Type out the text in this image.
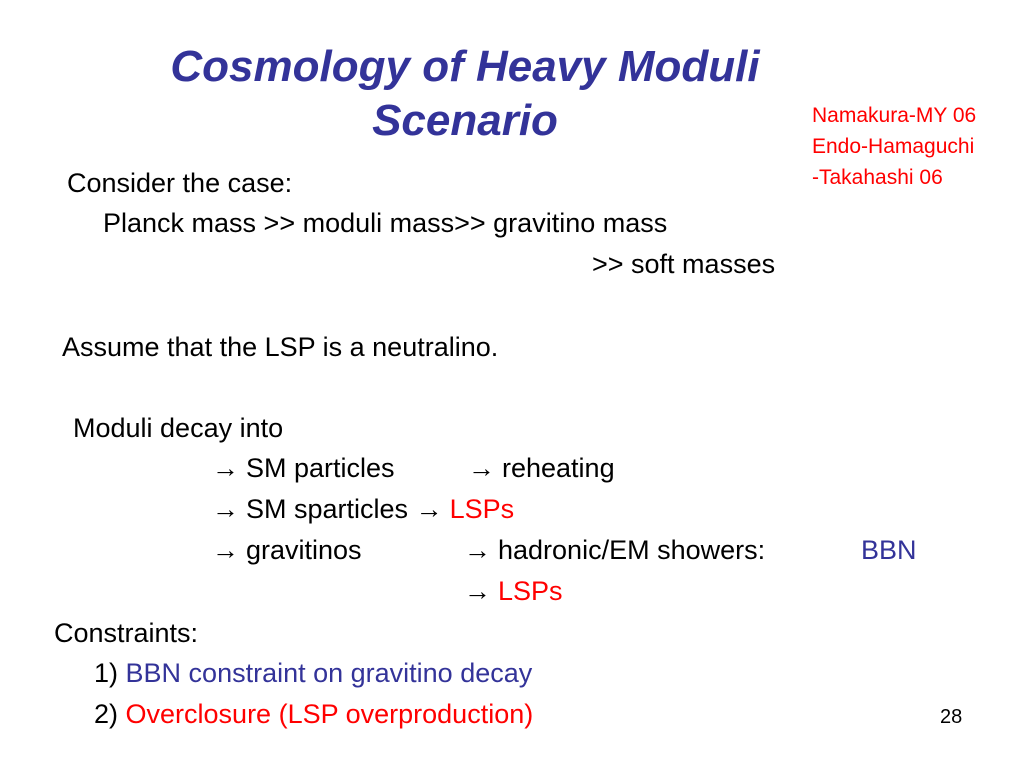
Cosmology of Heavy Moduli
Scenario	Namakura-MY 06
Endo-Hamaguchi
-Takahashi 06
Consider the case:
Planck mass >> moduli mass>> gravitino mass
>> soft masses
Assume that the LSP is a neutralino.
Moduli decay into
→ SM particles	→ reheating
→ SM sparticles → LSPs
→ gravitinos	→ hadronic/EM showers:	BBN
→ LSPs
Constraints:
1) BBN constraint on gravitino decay
2) Overclosure (LSP overproduction)	28
